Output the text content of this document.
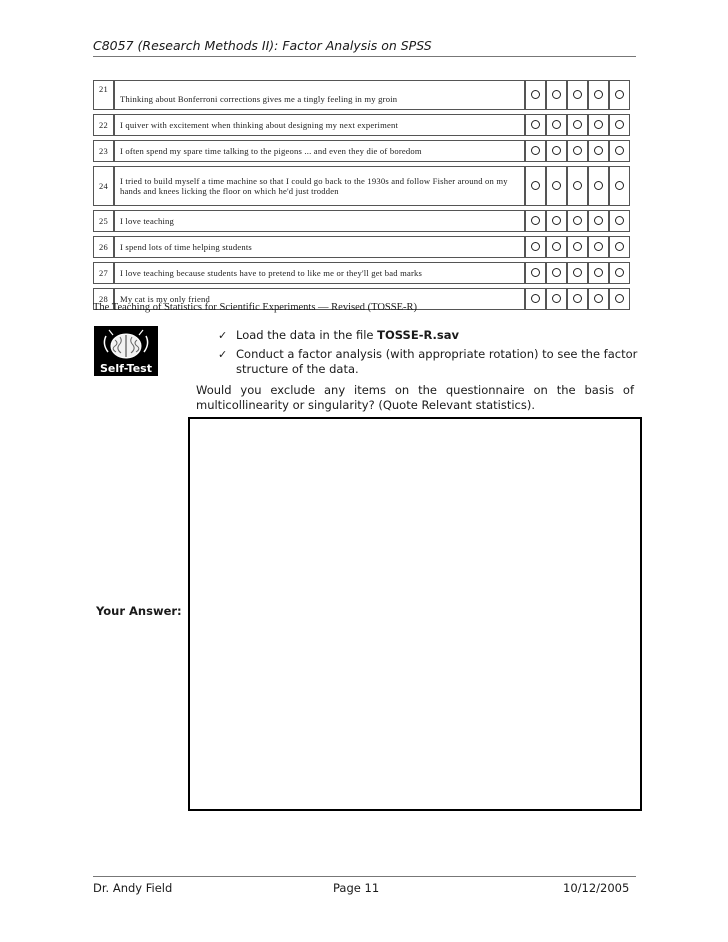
C8057 (Research Methods II): Factor Analysis on SPSS
21	Thinking about Bonferroni corrections gives me a tingly feeling in my groin					

22	I quiver with excitement when thinking about designing my next experiment					

23	I often spend my spare time talking to the pigeons ... and even they die of boredom					

24	I tried to build myself a time machine so that I could go back to the 1930s and follow Fisher around on my hands and knees licking the floor on which he'd just trodden					

25	I love teaching					

26	I spend lots of time helping students					

27	I love teaching because students have to pretend to like me or they'll get bad marks					

28	My cat is my only friend					
The Teaching of Statistics for Scientific Experiments — Revised (TOSSE-R)
Self-Test
✓ Load the data in the file TOSSE-R.sav
✓ Conduct a factor analysis (with appropriate rotation) to see the factor structure of the data.
Would you exclude any items on the questionnaire on the basis of multicollinearity or singularity? (Quote Relevant statistics).
Your Answer:
Dr. Andy Field	Page 11	10/12/2005
